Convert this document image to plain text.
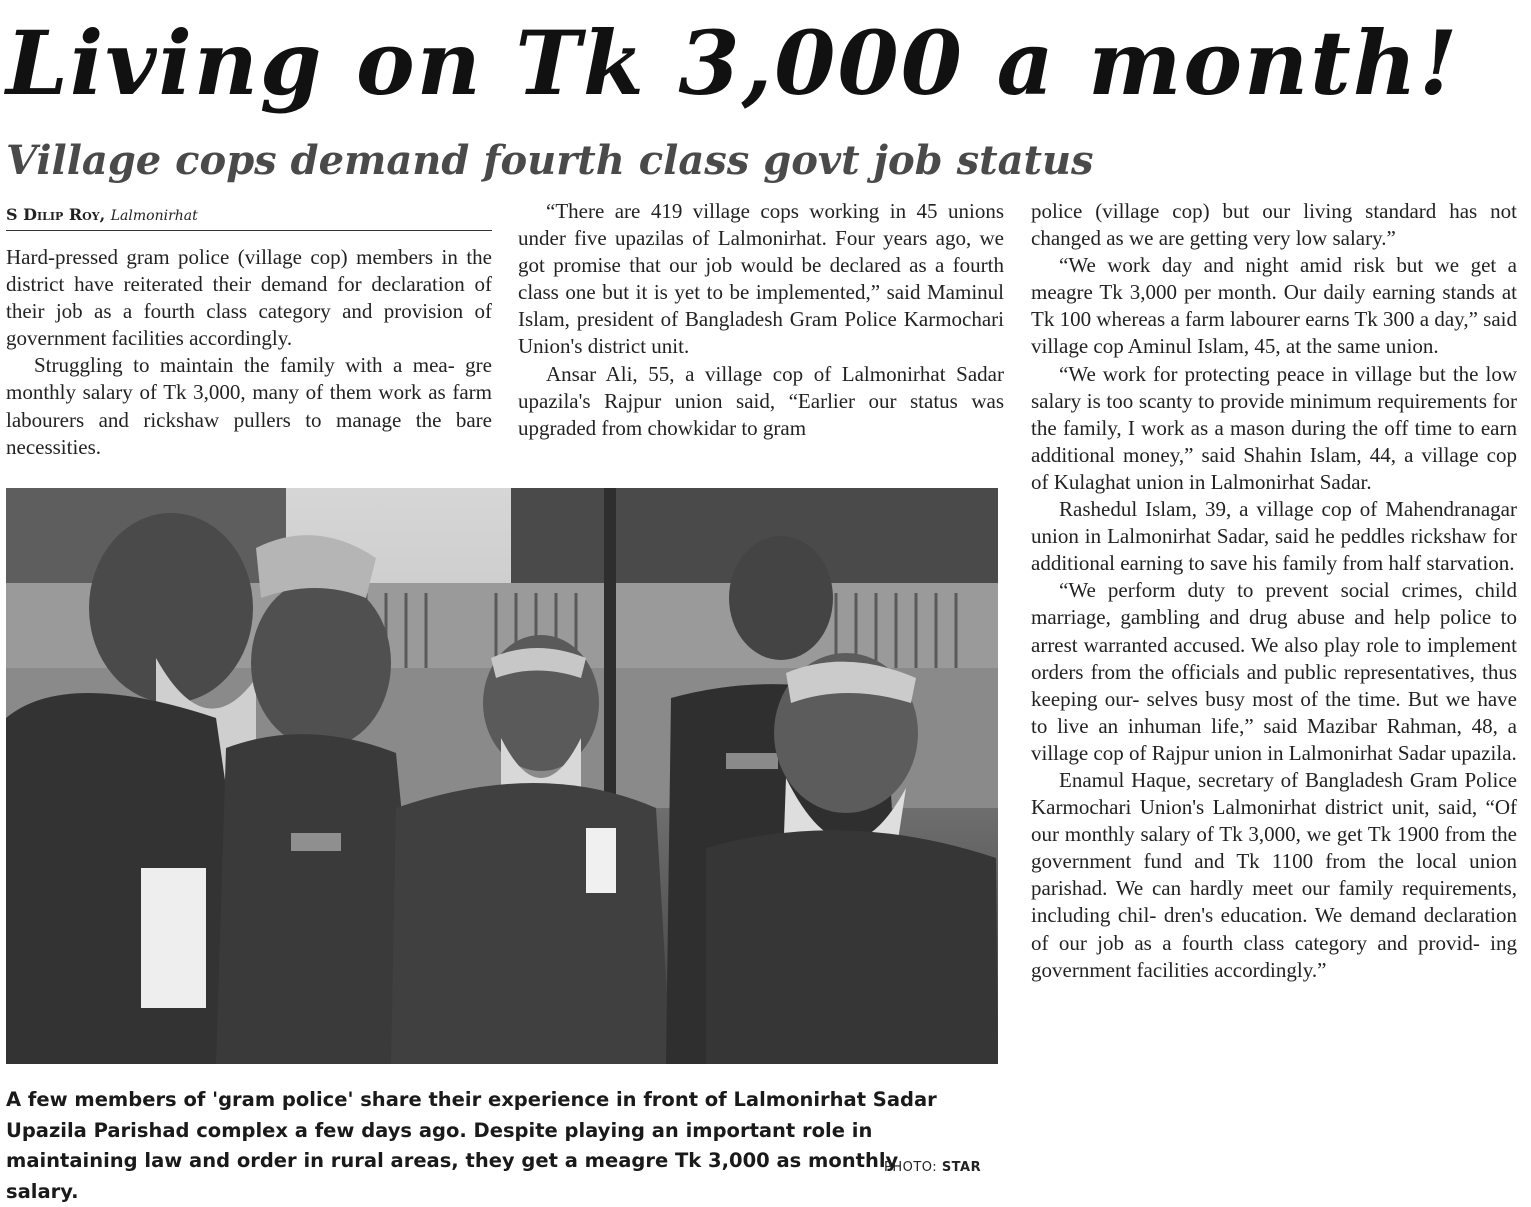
Living on Tk 3,000 a month!
Village cops demand fourth class govt job status
S Dilip Roy, Lalmonirhat

Hard-pressed gram police (village cop) members in the district have reiterated their demand for declaration of their job as a fourth class category and provision of government facilities accordingly.

Struggling to maintain the family with a mea- gre monthly salary of Tk 3,000, many of them work as farm labourers and rickshaw pullers to manage the bare necessities.

“There are 419 village cops working in 45 unions under five upazilas of Lalmonirhat. Four years ago, we got promise that our job would be declared as a fourth class one but it is yet to be implemented,” said Maminul Islam, president of Bangladesh Gram Police Karmochari Union's district unit.

Ansar Ali, 55, a village cop of Lalmonirhat Sadar upazila's Rajpur union said, “Earlier our status was upgraded from chowkidar to gram

police (village cop) but our living standard has not changed as we are getting very low salary.”

“We work day and night amid risk but we get a meagre Tk 3,000 per month. Our daily earning stands at Tk 100 whereas a farm labourer earns Tk 300 a day,” said village cop Aminul Islam, 45, at the same union.

“We work for protecting peace in village but the low salary is too scanty to provide minimum requirements for the family, I work as a mason during the off time to earn additional money,” said Shahin Islam, 44, a village cop of Kulaghat union in Lalmonirhat Sadar.

Rashedul Islam, 39, a village cop of Mahendranagar union in Lalmonirhat Sadar, said he peddles rickshaw for additional earning to save his family from half starvation.

“We perform duty to prevent social crimes, child marriage, gambling and drug abuse and help police to arrest warranted accused. We also play role to implement orders from the officials and public representatives, thus keeping our- selves busy most of the time. But we have to live an inhuman life,” said Mazibar Rahman, 48, a village cop of Rajpur union in Lalmonirhat Sadar upazila.

Enamul Haque, secretary of Bangladesh Gram Police Karmochari Union's Lalmonirhat district unit, said, “Of our monthly salary of Tk 3,000, we get Tk 1900 from the government fund and Tk 1100 from the local union parishad. We can hardly meet our family requirements, including chil- dren's education. We demand declaration of our job as a fourth class category and provid- ing government facilities accordingly.”

A few members of 'gram police' share their experience in front of Lalmonirhat Sadar Upazila Parishad complex a few days ago. Despite playing an important role in maintaining law and order in rural areas, they get a meagre Tk 3,000 as monthly salary.
PHOTO: STAR
